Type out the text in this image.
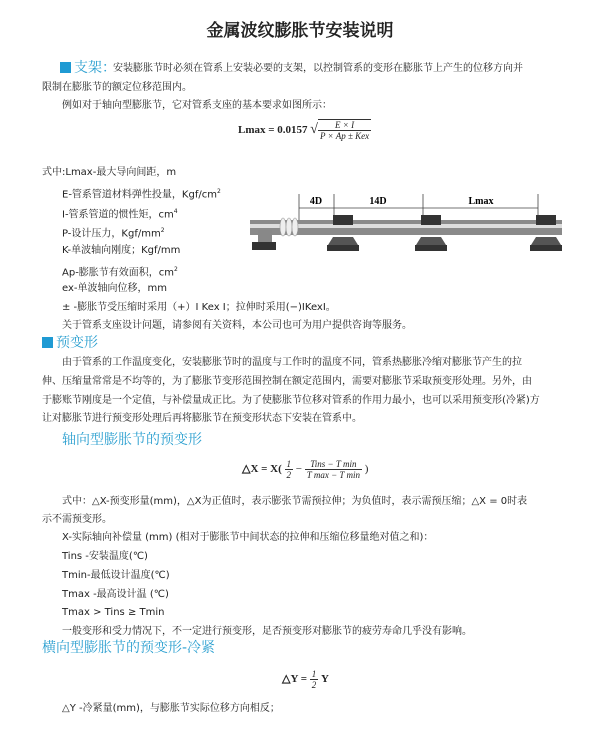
金属波纹膨胀节安装说明
支架：
安装膨胀节时必须在管系上安装必要的支架，以控制管系的变形在膨胀节上产生的位移方向并
限制在膨胀节的额定位移范围内。
例如对于轴向型膨胀节，它对管系支座的基本要求如图所示：
Lmax = 0.0157 √ $\frac{E \times I}{\text{P × Ap ± Kex}}$
式中:Lmax-最大导向间距，m
E-管系管道材料弹性投量，Kgf/$cm^2$
I-管系管道的惯性矩，$cm^4$
P-设计压力，Kgf/$mm^2$
K-单波轴向刚度；Kgf/mm
Ap-膨胀节有效面积，$cm^2$
ex-单波轴向位移，mm
± -膨胀节受压缩时采用（+）I Kex I；拉伸时采用(−)IKexI。
关于管系支座设计问题，请参阅有关资料，本公司也可为用户提供咨询等服务。
4D	14D	Lmax
预变形
由于管系的工作温度变化，安装膨胀节时的温度与工作时的温度不同，管系热膨胀冷缩对膨胀节产生的拉
伸、压缩量常常是不均等的，为了膨胀节变形范围控制在额定范围内，需要对膨胀节采取预变形处理。另外，由
于膨账节刚度是一个定值，与补偿量成正比。为了使膨胀节位移对管系的作用力最小，也可以采用预变形(冷紧)方
让对膨胀节进行预变形处理后再将膨胀节在预变形状态下安装在管系中。
轴向型膨胀节的预变形
△X = $X( \frac{1}{2} - \frac{\text{Tins − T min}}{\text{T max − T min}}$ )
式中：△X-预变形量(mm)，△X为正值时，表示膨张节需预拉伸；为负值时，表示需预压缩；△X = 0时表
示不需预变形。
X-实际轴向补偿量 (mm) (相对于膨胀节中间状态的拉伸和压缩位移量绝对值之和)：
Tins -安装温度(℃)
Tmin-最低设计温度(℃)
Tmax -最高设计温 (℃)
Tmax > Tins ≥ Tmin
一般变形和受力情况下，不一定进行预变形，足否预变形对膨胀节的疲劳寿命几乎没有影响。
横向型膨胀节的预变形-冷紧
△Y = $\frac{1}{2}$ Y
△Y -冷紧量(mm)，与膨胀节实际位移方向相反；
